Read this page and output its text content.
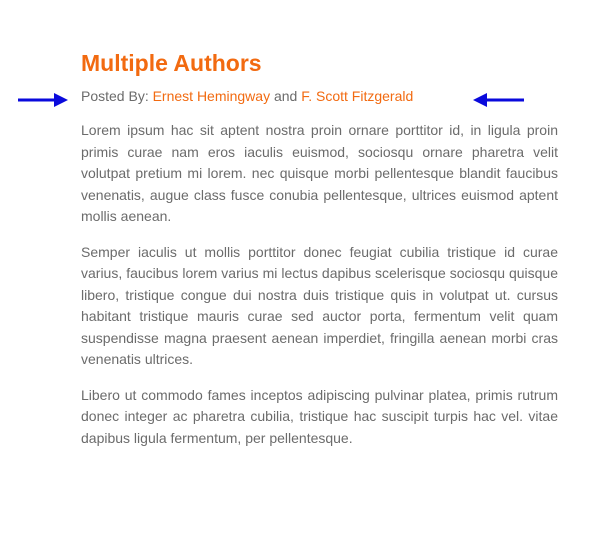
Multiple Authors
Posted By: Ernest Hemingway and F. Scott Fitzgerald

Lorem ipsum hac sit aptent nostra proin ornare porttitor id, in ligula proin primis curae nam eros iaculis euismod, sociosqu ornare pharetra velit volutpat pretium mi lorem. nec quisque morbi pellentesque blandit faucibus venenatis, augue class fusce conubia pellentesque, ultrices euismod aptent mollis aenean.

Semper iaculis ut mollis porttitor donec feugiat cubilia tristique id curae varius, faucibus lorem varius mi lectus dapibus scelerisque sociosqu quisque libero, tristique congue dui nostra duis tristique quis in volutpat ut. cursus habitant tristique mauris curae sed auctor porta, fermentum velit quam suspendisse magna praesent aenean imperdiet, fringilla aenean morbi cras venenatis ultrices.

Libero ut commodo fames inceptos adipiscing pulvinar platea, primis rutrum donec integer ac pharetra cubilia, tristique hac suscipit turpis hac vel. vitae dapibus ligula fermentum, per pellentesque.
